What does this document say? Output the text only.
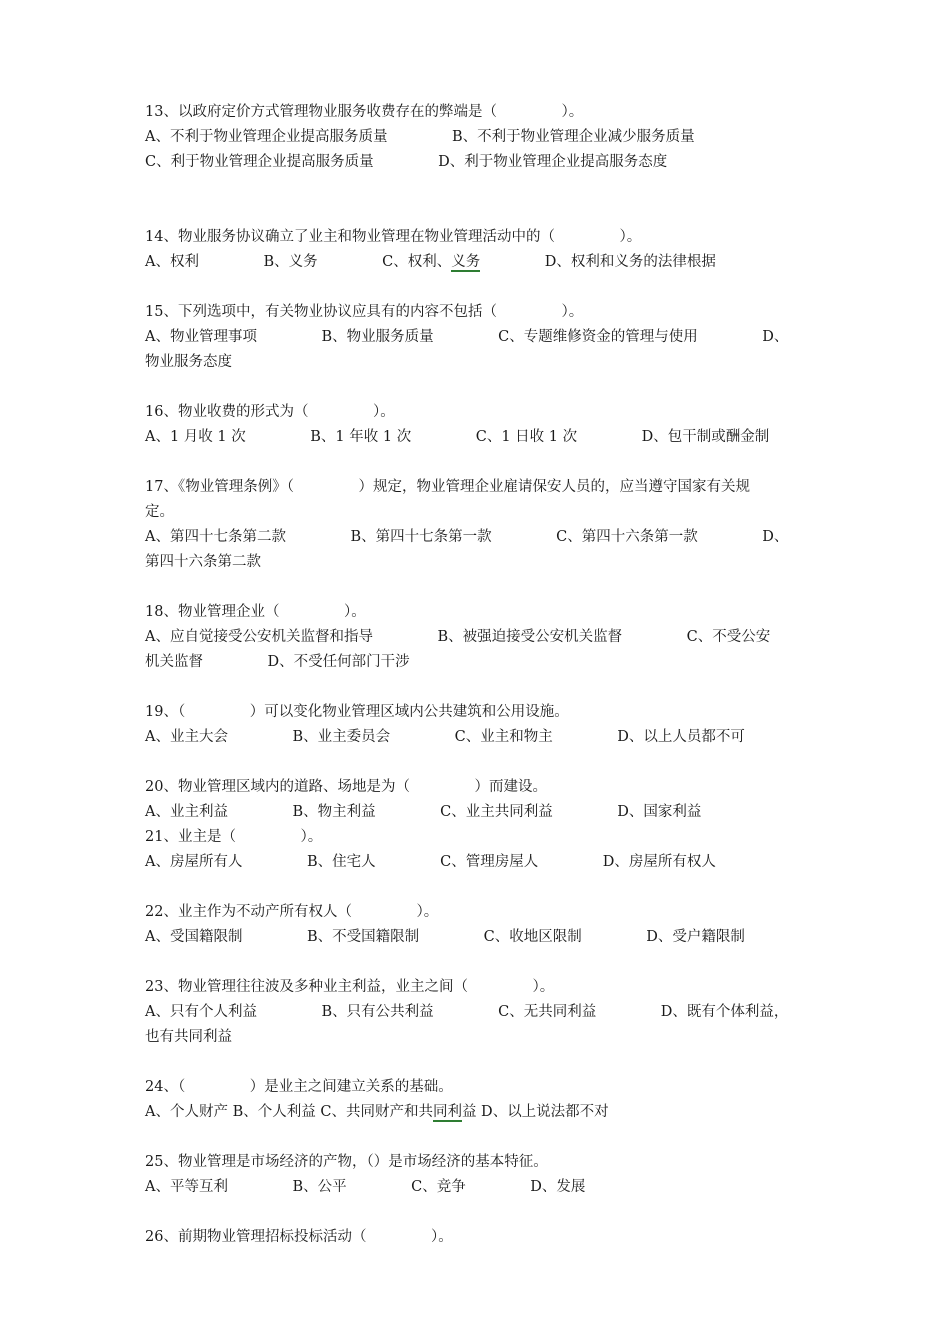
13、以政府定价方式管理物业服务收费存在的弊端是（              ）。
A、不利于物业管理企业提高服务质量              B、不利于物业管理企业减少服务质量
C、利于物业管理企业提高服务质量              D、利于物业管理企业提高服务态度
14、物业服务协议确立了业主和物业管理在物业管理活动中的（              ）。
A、权利              B、义务              C、权利、义务              D、权利和义务的法律根据
15、下列选项中，有关物业协议应具有的内容不包括（              ）。
A、物业管理事项              B、物业服务质量              C、专题维修资金的管理与使用              D、
物业服务态度
16、物业收费的形式为（              ）。
A、1 月收 1 次              B、1 年收 1 次              C、1 日收 1 次              D、包干制或酬金制
17、《物业管理条例》（              ）规定，物业管理企业雇请保安人员的，应当遵守国家有关规
定。
A、第四十七条第二款              B、第四十七条第一款              C、第四十六条第一款              D、
第四十六条第二款
18、物业管理企业（              ）。
A、应自觉接受公安机关监督和指导              B、被强迫接受公安机关监督              C、不受公安
机关监督              D、不受任何部门干涉
19、（              ）可以变化物业管理区域内公共建筑和公用设施。
A、业主大会              B、业主委员会              C、业主和物主              D、以上人员都不可
20、物业管理区域内的道路、场地是为（              ）而建设。
A、业主利益              B、物主利益              C、业主共同利益              D、国家利益
21、业主是（              ）。
A、房屋所有人              B、住宅人              C、管理房屋人              D、房屋所有权人
22、业主作为不动产所有权人（              ）。
A、受国籍限制              B、不受国籍限制              C、收地区限制              D、受户籍限制
23、物业管理往往波及多种业主利益，业主之间（              ）。
A、只有个人利益              B、只有公共利益              C、无共同利益              D、既有个体利益，
也有共同利益
24、（              ）是业主之间建立关系的基础。
A、个人财产 B、个人利益 C、共同财产和共同利益 D、以上说法都不对
25、物业管理是市场经济的产物，（）是市场经济的基本特征。
A、平等互利              B、公平              C、竞争              D、发展
26、前期物业管理招标投标活动（              ）。
